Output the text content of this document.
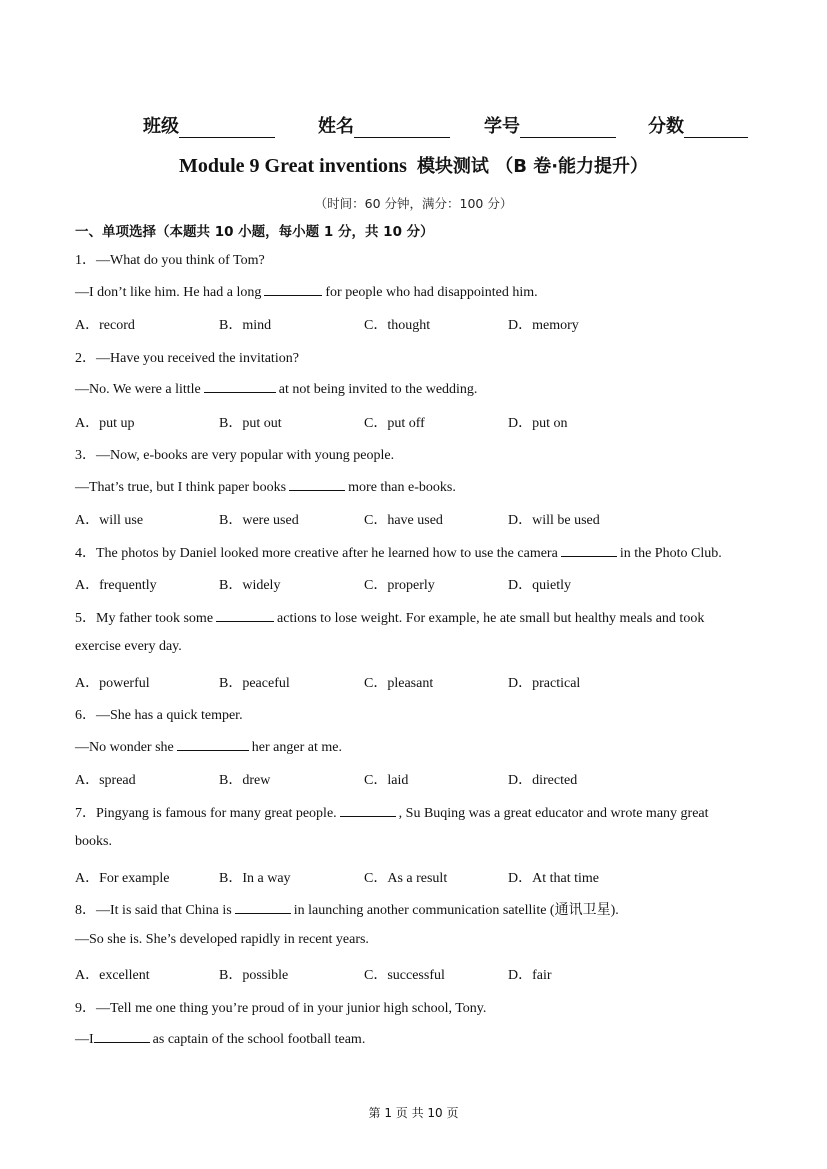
班级	姓名	学号	分数
Module 9 Great inventions 模块测试 （B 卷·能力提升）
（时间：60 分钟，满分：100 分）
一、单项选择（本题共 10 小题，每小题 1 分，共 10 分）
1．—What do you think of Tom?
—I don’t like him. He had a long	for people who had disappointed him.
A．record	B．mind	C．thought	D．memory
2．—Have you received the invitation?
—No. We were a little	at not being invited to the wedding.
A．put up	B．put out	C．put off	D．put on
3．—Now, e-books are very popular with young people.
—That’s true, but I think paper books	more than e-books.
A．will use	B．were used	C．have used	D．will be used
4．The photos by Daniel looked more creative after he learned how to use the camera	in the Photo Club.
A．frequently	B．widely	C．properly	D．quietly
5．My father took some	actions to lose weight. For example, he ate small but healthy meals and took
exercise every day.
A．powerful	B．peaceful	C．pleasant	D．practical
6．—She has a quick temper.
—No wonder she	her anger at me.
A．spread	B．drew	C．laid	D．directed
7．Pingyang is famous for many great people.	, Su Buqing was a great educator and wrote many great
books.
A．For example	B．In a way	C．As a result	D．At that time
8．—It is said that China is	in launching another communication satellite (通讯卫星).
—So she is. She’s developed rapidly in recent years.
A．excellent	B．possible	C．successful	D．fair
9．—Tell me one thing you’re proud of in your junior high school, Tony.
—I	as captain of the school football team.
第 1 页 共 10 页
